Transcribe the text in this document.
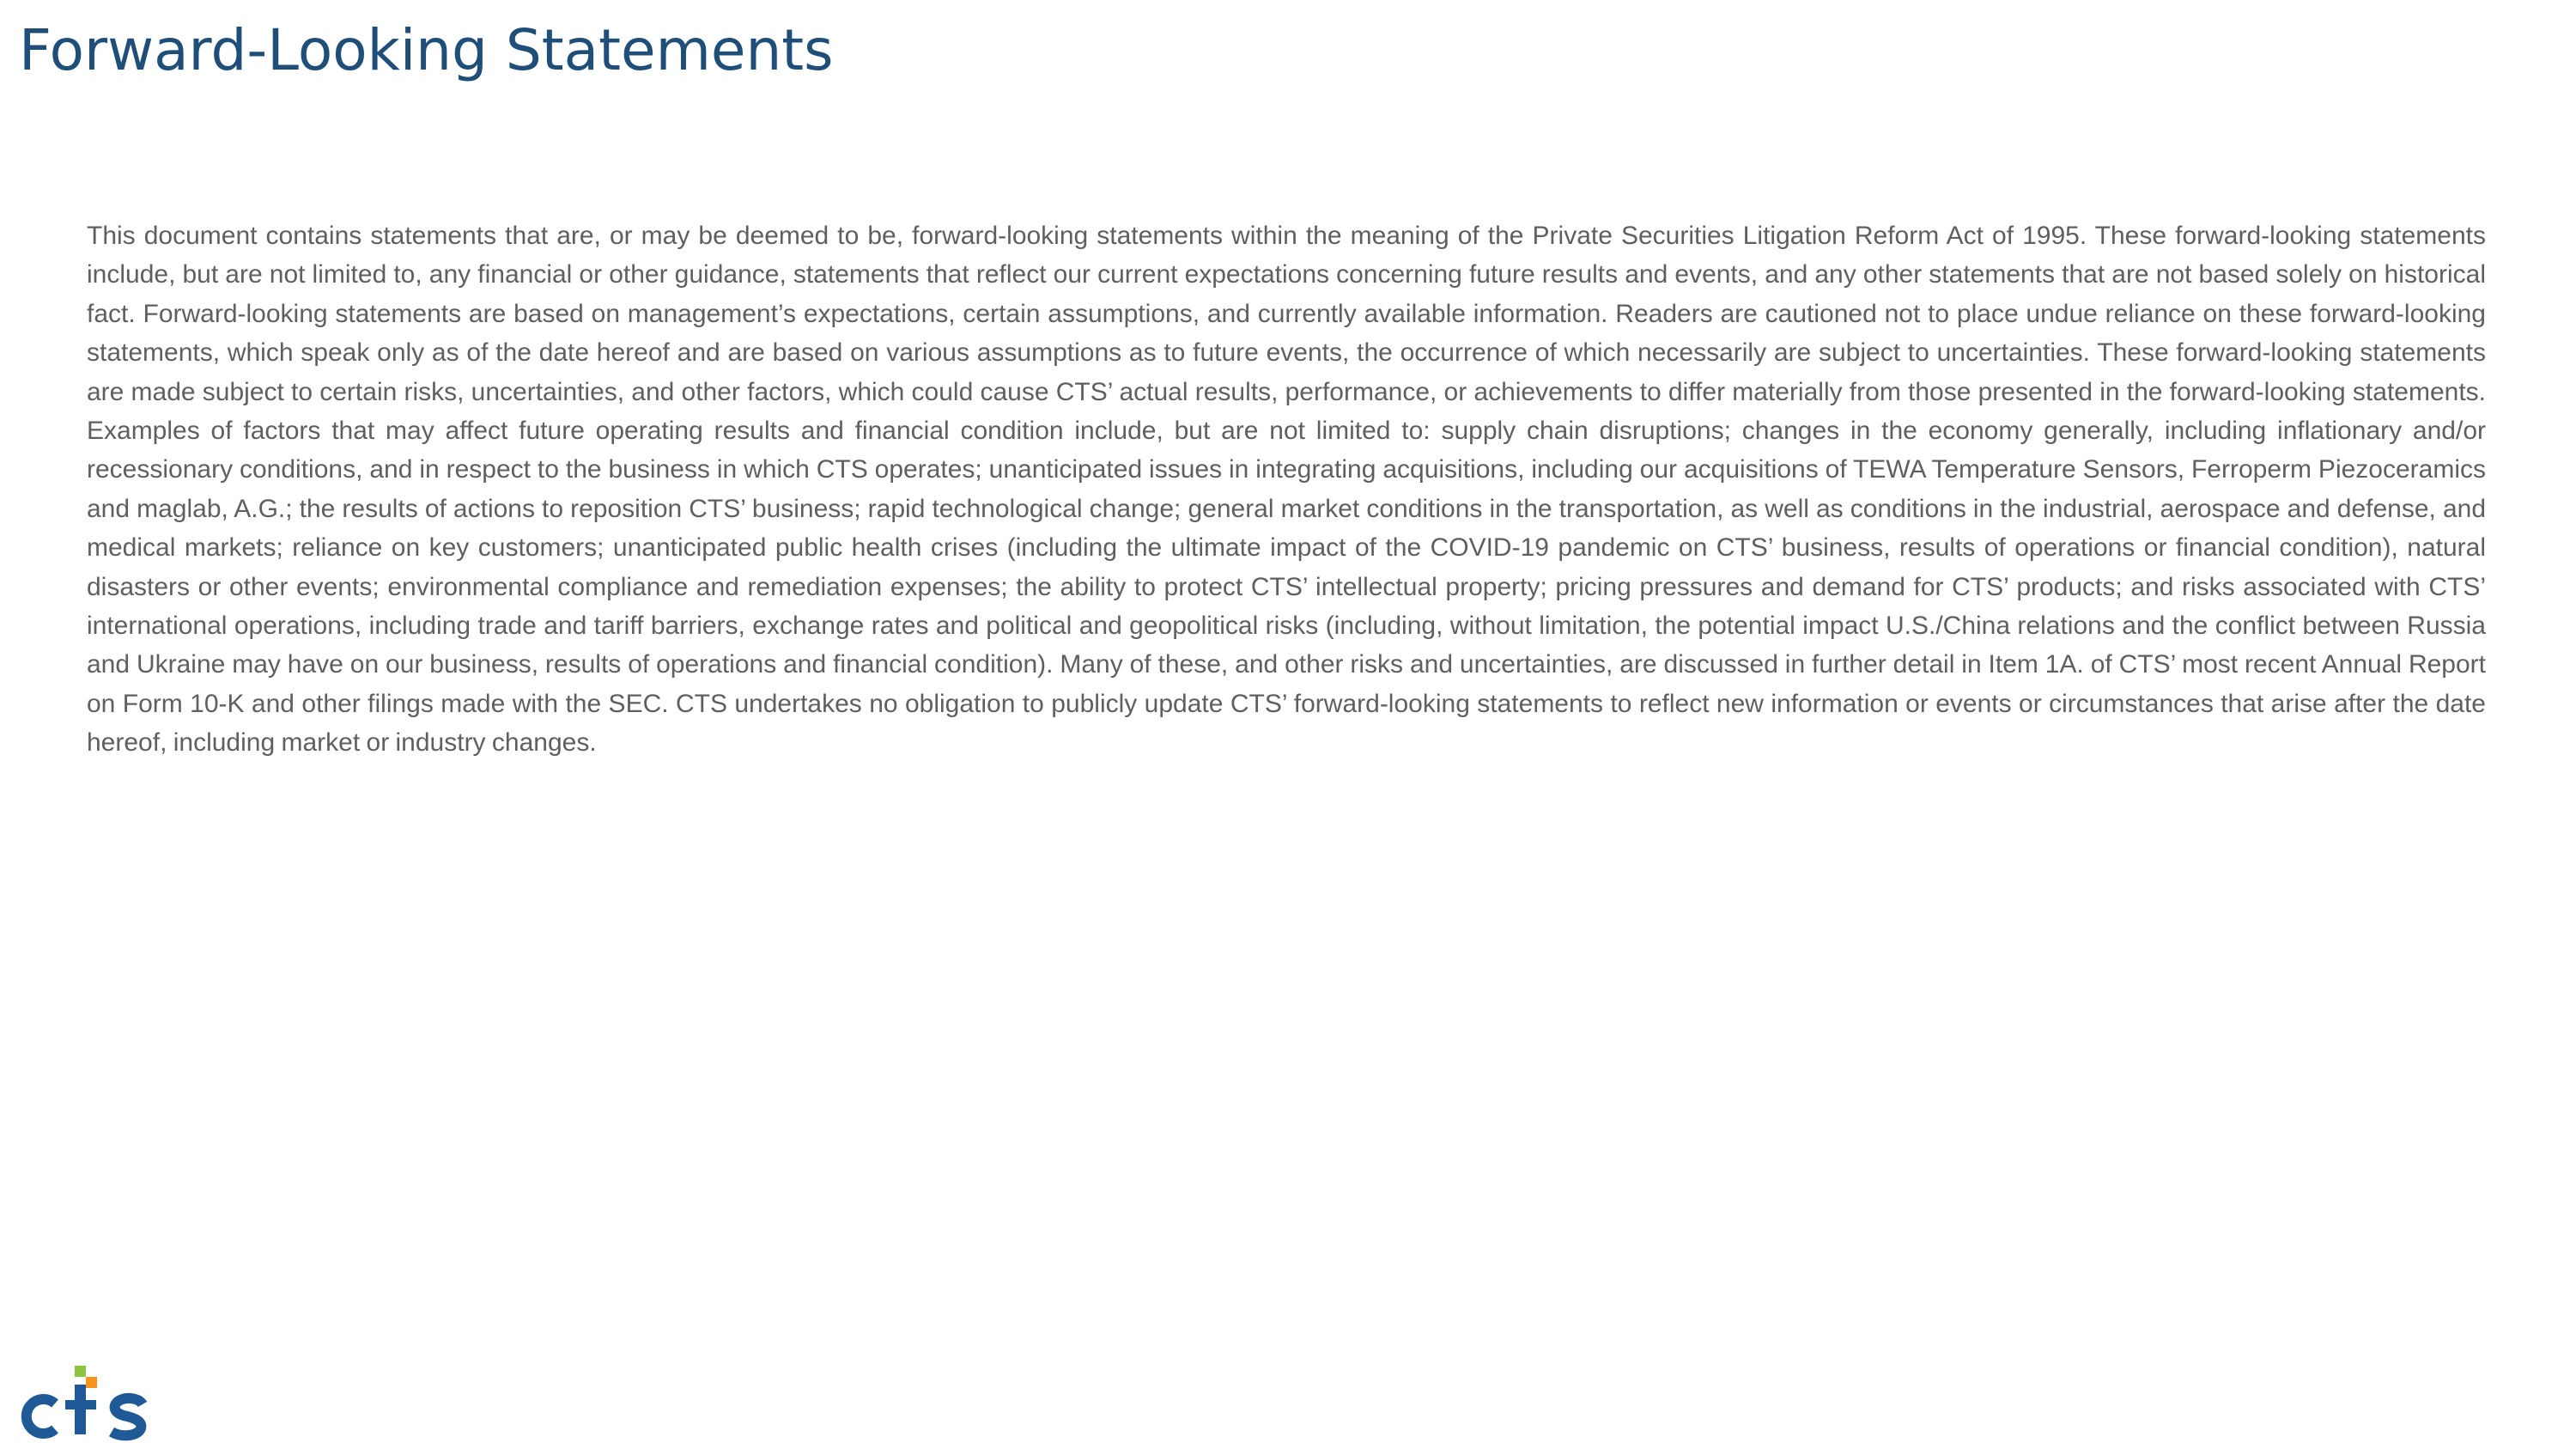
Forward-Looking Statements

This document contains statements that are, or may be deemed to be, forward-looking statements within the meaning of the Private Securities Litigation Reform Act of 1995. These forward-looking statements include, but are not limited to, any financial or other guidance, statements that reflect our current expectations concerning future results and events, and any other statements that are not based solely on historical fact. Forward-looking statements are based on management’s expectations, certain assumptions, and currently available information. Readers are cautioned not to place undue reliance on these forward-looking statements, which speak only as of the date hereof and are based on various assumptions as to future events, the occurrence of which necessarily are subject to uncertainties. These forward-looking statements are made subject to certain risks, uncertainties, and other factors, which could cause CTS’ actual results, performance, or achievements to differ materially from those presented in the forward-looking statements. Examples of factors that may affect future operating results and financial condition include, but are not limited to: supply chain disruptions; changes in the economy generally, including inflationary and/or recessionary conditions, and in respect to the business in which CTS operates; unanticipated issues in integrating acquisitions, including our acquisitions of TEWA Temperature Sensors, Ferroperm Piezoceramics and maglab, A.G.; the results of actions to reposition CTS’ business; rapid technological change; general market conditions in the transportation, as well as conditions in the industrial, aerospace and defense, and medical markets; reliance on key customers; unanticipated public health crises (including the ultimate impact of the COVID-19 pandemic on CTS’ business, results of operations or financial condition), natural disasters or other events; environmental compliance and remediation expenses; the ability to protect CTS’ intellectual property; pricing pressures and demand for CTS’ products; and risks associated with CTS’ international operations, including trade and tariff barriers, exchange rates and political and geopolitical risks (including, without limitation, the potential impact U.S./China relations and the conflict between Russia and Ukraine may have on our business, results of operations and financial condition). Many of these, and other risks and uncertainties, are discussed in further detail in Item 1A. of CTS’ most recent Annual Report on Form 10-K and other filings made with the SEC. CTS undertakes no obligation to publicly update CTS’ forward-looking statements to reflect new information or events or circumstances that arise after the date hereof, including market or industry changes.
